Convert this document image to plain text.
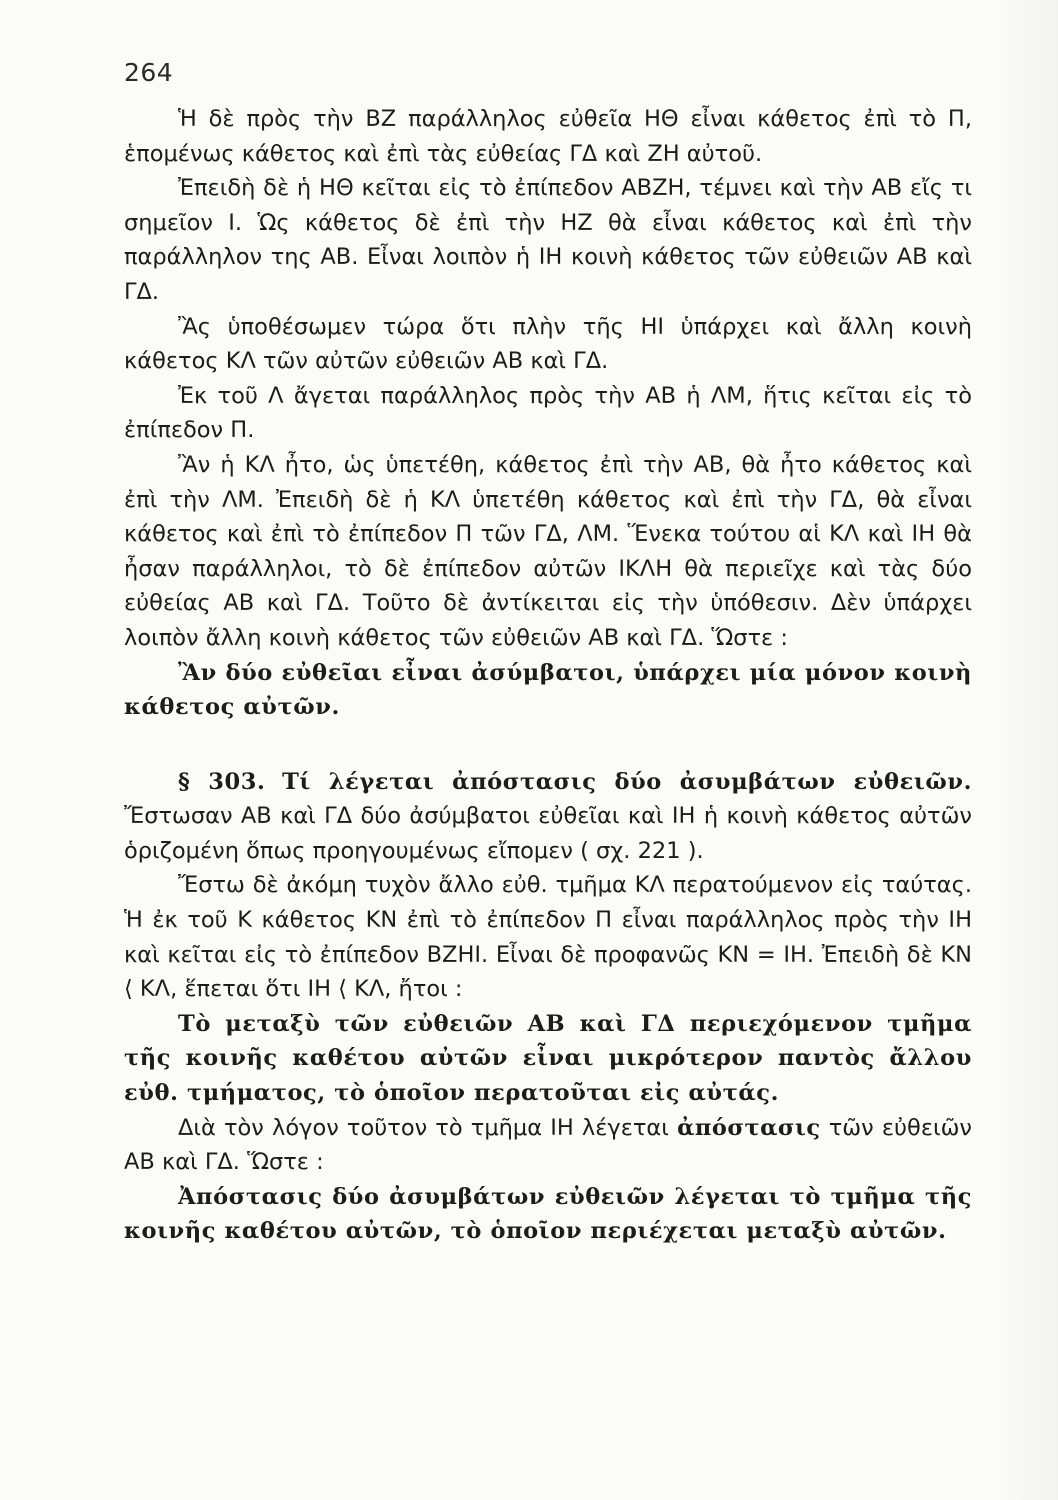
264

Ἡ δὲ πρὸς τὴν ΒΖ παράλληλος εὐθεῖα ΗΘ εἶναι κάθετος ἐπὶ τὸ Π, ἑπομένως κάθετος καὶ ἐπὶ τὰς εὐθείας ΓΔ καὶ ΖΗ αὐτοῦ.

Ἐπειδὴ δὲ ἡ ΗΘ κεῖται εἰς τὸ ἐπίπεδον ΑΒΖΗ, τέμνει καὶ τὴν ΑΒ εἴς τι σημεῖον Ι. Ὡς κάθετος δὲ ἐπὶ τὴν ΗΖ θὰ εἶναι κάθετος καὶ ἐπὶ τὴν παράλληλον της ΑΒ. Εἶναι λοιπὸν ἡ ΙΗ κοινὴ κάθετος τῶν εὐθειῶν ΑΒ καὶ ΓΔ.

Ἂς ὑποθέσωμεν τώρα ὅτι πλὴν τῆς ΗΙ ὑπάρχει καὶ ἄλλη κοινὴ κάθετος ΚΛ τῶν αὐτῶν εὐθειῶν ΑΒ καὶ ΓΔ.

Ἐκ τοῦ Λ ἄγεται παράλληλος πρὸς τὴν ΑΒ ἡ ΛΜ, ἥτις κεῖται εἰς τὸ ἐπίπεδον Π.

Ἂν ἡ ΚΛ ἦτο, ὡς ὑπετέθη, κάθετος ἐπὶ τὴν ΑΒ, θὰ ἦτο κάθετος καὶ ἐπὶ τὴν ΛΜ. Ἐπειδὴ δὲ ἡ ΚΛ ὑπετέθη κάθετος καὶ ἐπὶ τὴν ΓΔ, θὰ εἶναι κάθετος καὶ ἐπὶ τὸ ἐπίπεδον Π τῶν ΓΔ, ΛΜ. Ἕνεκα τούτου αἱ ΚΛ καὶ ΙΗ θὰ ἦσαν παράλληλοι, τὸ δὲ ἐπίπεδον αὐτῶν ΙΚΛΗ θὰ περιεῖχε καὶ τὰς δύο εὐθείας ΑΒ καὶ ΓΔ. Τοῦτο δὲ ἀντίκειται εἰς τὴν ὑπόθεσιν. Δὲν ὑπάρχει λοιπὸν ἄλλη κοινὴ κάθετος τῶν εὐθειῶν ΑΒ καὶ ΓΔ. Ὥστε :

Ἂν δύο εὐθεῖαι εἶναι ἀσύμβατοι, ὑπάρχει μία μόνον κοινὴ κάθετος αὐτῶν.

§ 303. Τί λέγεται ἀπόστασις δύο ἀσυμβάτων εὐθειῶν. Ἔστωσαν ΑΒ καὶ ΓΔ δύο ἀσύμβατοι εὐθεῖαι καὶ ΙΗ ἡ κοινὴ κάθετος αὐτῶν ὁριζομένη ὅπως προηγουμένως εἴπομεν ( σχ. 221 ).

Ἔστω δὲ ἀκόμη τυχὸν ἄλλο εὐθ. τμῆμα ΚΛ περατούμενον εἰς ταύτας. Ἡ ἐκ τοῦ Κ κάθετος ΚΝ ἐπὶ τὸ ἐπίπεδον Π εἶναι παράλληλος πρὸς τὴν ΙΗ καὶ κεῖται εἰς τὸ ἐπίπεδον ΒΖΗΙ. Εἶναι δὲ προφανῶς ΚΝ = ΙΗ. Ἐπειδὴ δὲ ΚΝ ⟨ ΚΛ, ἕπεται ὅτι ΙΗ ⟨ ΚΛ, ἤτοι :

Τὸ μεταξὺ τῶν εὐθειῶν ΑΒ καὶ ΓΔ περιεχόμενον τμῆμα τῆς κοινῆς καθέτου αὐτῶν εἶναι μικρότερον παντὸς ἄλλου εὐθ. τμήματος, τὸ ὁποῖον περατοῦται εἰς αὐτάς.

Διὰ τὸν λόγον τοῦτον τὸ τμῆμα ΙΗ λέγεται ἀπόστασις τῶν εὐθειῶν ΑΒ καὶ ΓΔ. Ὥστε :

Ἀπόστασις δύο ἀσυμβάτων εὐθειῶν λέγεται τὸ τμῆμα τῆς κοινῆς καθέτου αὐτῶν, τὸ ὁποῖον περιέχεται μεταξὺ αὐτῶν.
